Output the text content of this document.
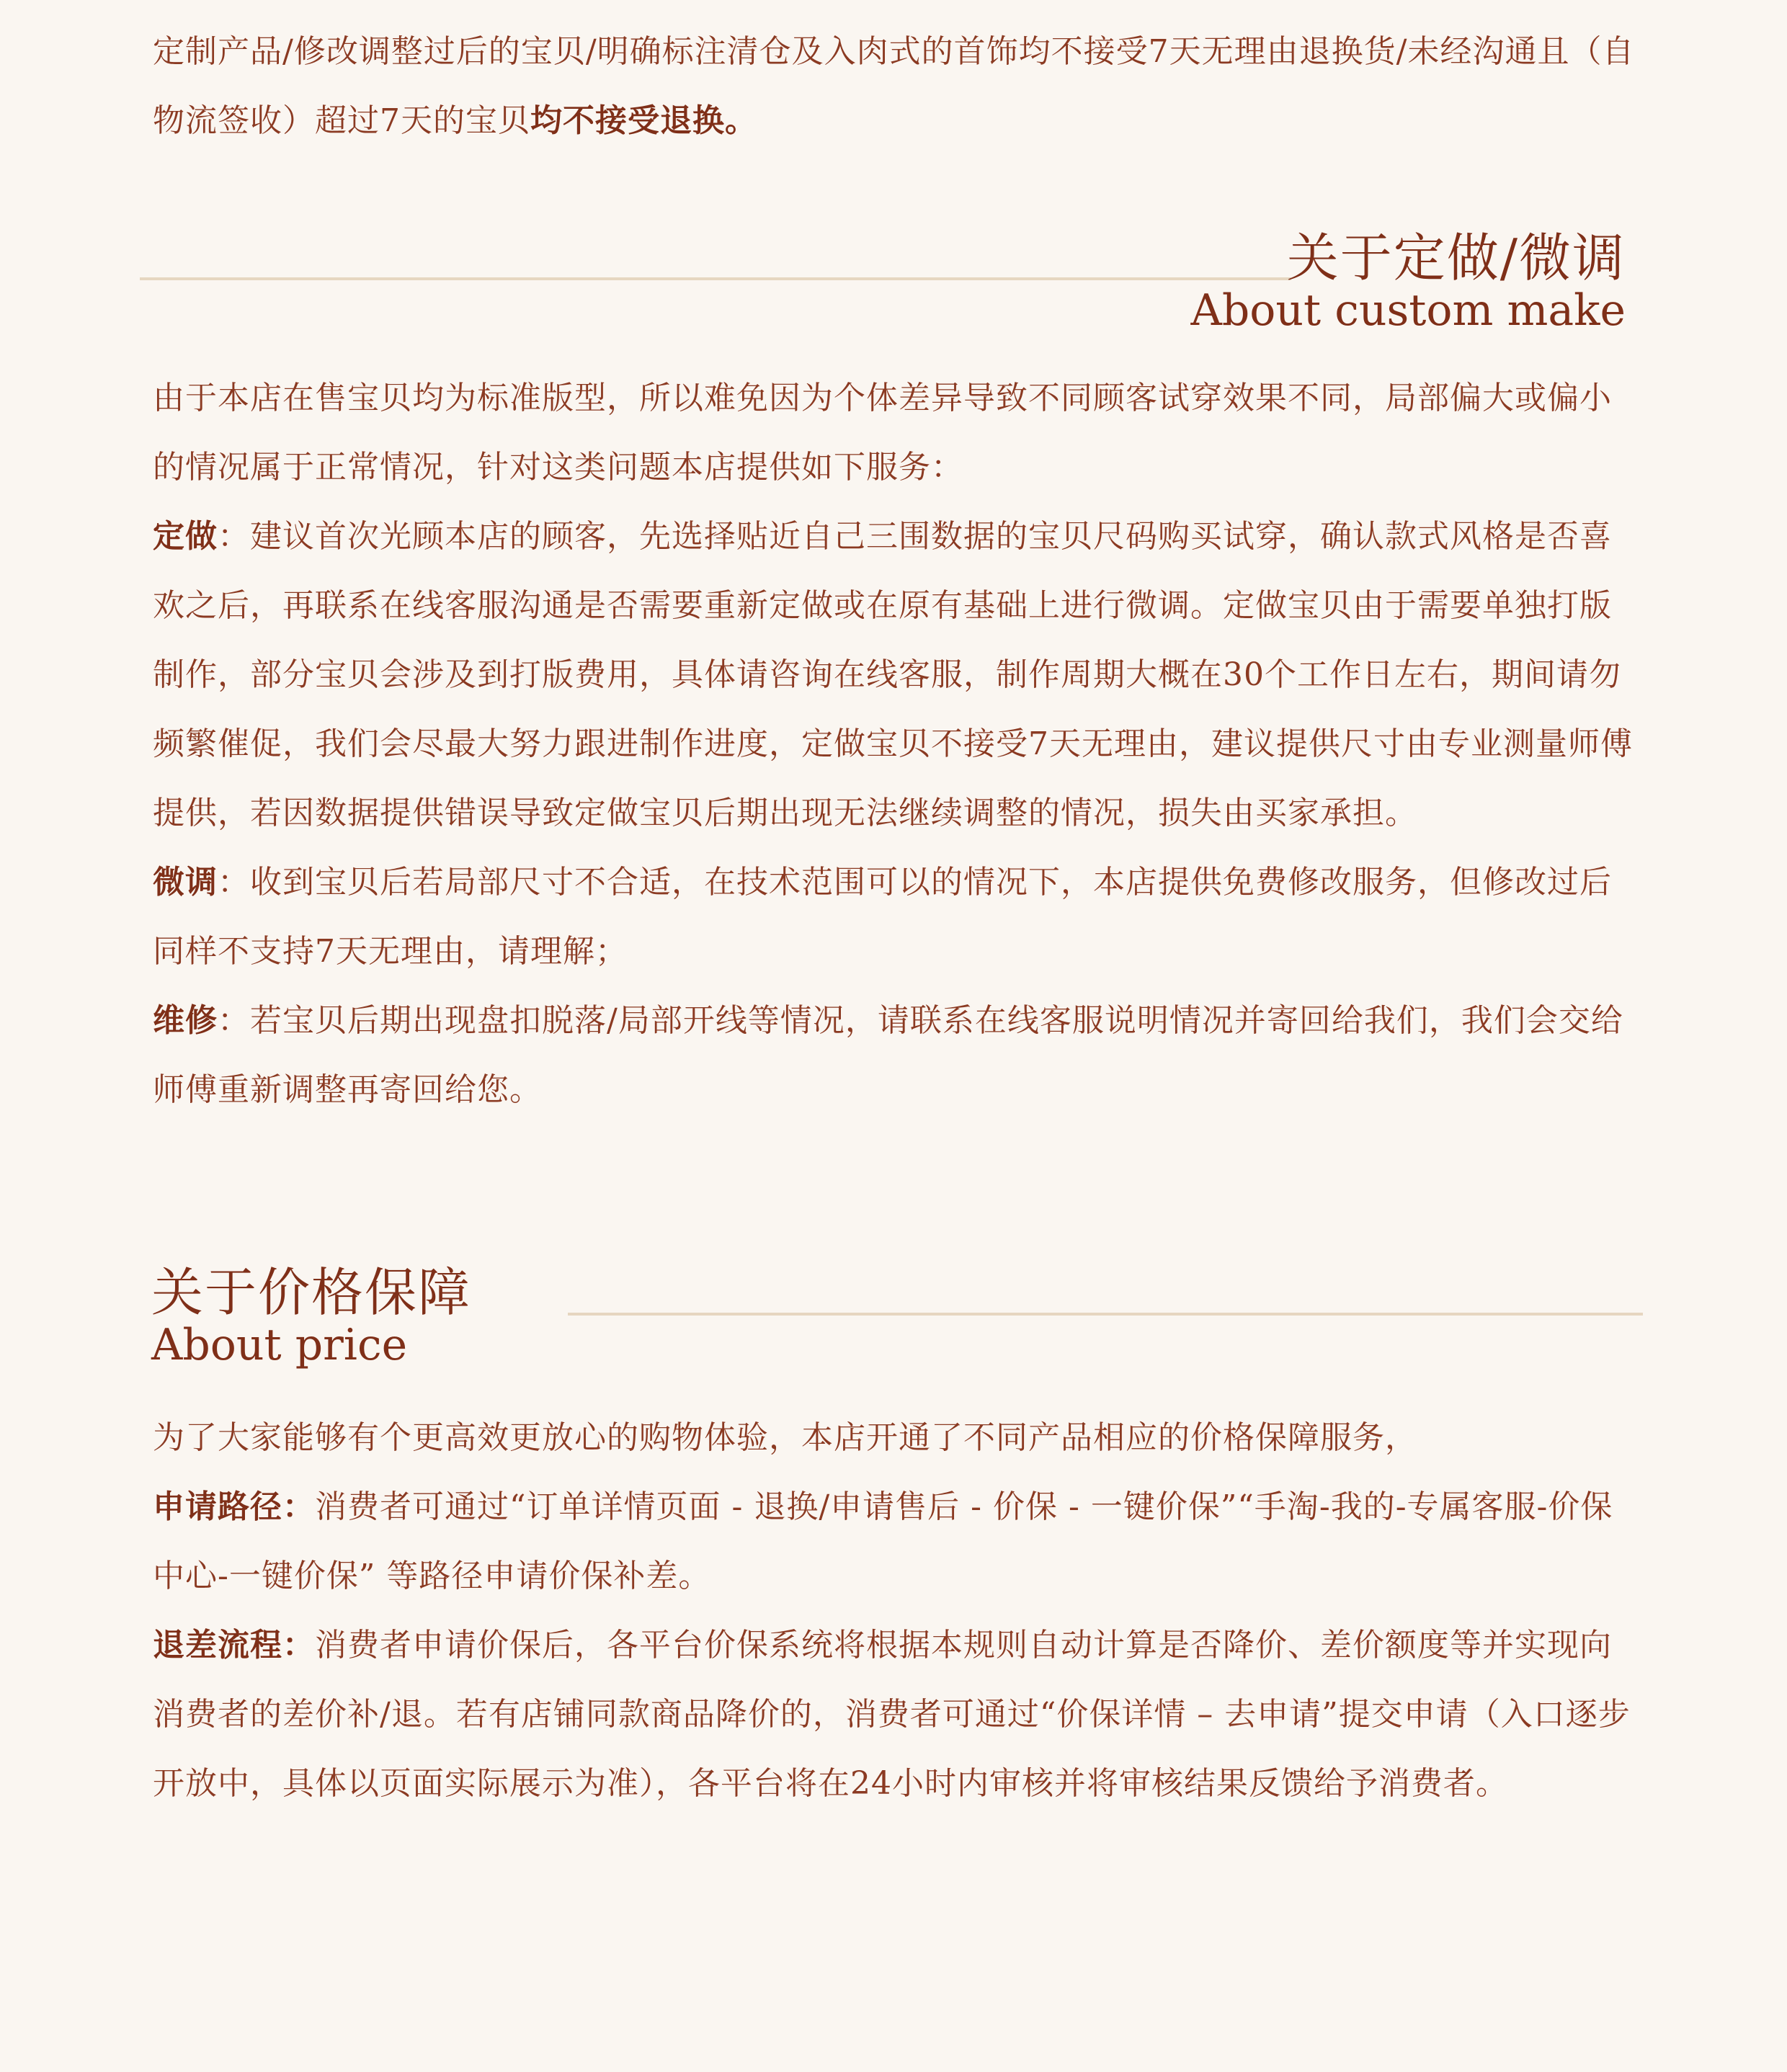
定制产品/修改调整过后的宝贝/明确标注清仓及入肉式的首饰均不接受7天无理由退换货/未经沟通且（自物流签收）超过7天的宝贝均不接受退换。

关于定做/微调
About custom make
由于本店在售宝贝均为标准版型，所以难免因为个体差异导致不同顾客试穿效果不同，局部偏大或偏小的情况属于正常情况，针对这类问题本店提供如下服务：
定做：建议首次光顾本店的顾客，先选择贴近自己三围数据的宝贝尺码购买试穿，确认款式风格是否喜欢之后，再联系在线客服沟通是否需要重新定做或在原有基础上进行微调。定做宝贝由于需要单独打版制作，部分宝贝会涉及到打版费用，具体请咨询在线客服，制作周期大概在30个工作日左右，期间请勿频繁催促，我们会尽最大努力跟进制作进度，定做宝贝不接受7天无理由，建议提供尺寸由专业测量师傅提供，若因数据提供错误导致定做宝贝后期出现无法继续调整的情况，损失由买家承担。
微调：收到宝贝后若局部尺寸不合适，在技术范围可以的情况下，本店提供免费修改服务，但修改过后同样不支持7天无理由，请理解；
维修：若宝贝后期出现盘扣脱落/局部开线等情况，请联系在线客服说明情况并寄回给我们，我们会交给师傅重新调整再寄回给您。
关于价格保障
About price
为了大家能够有个更高效更放心的购物体验，本店开通了不同产品相应的价格保障服务，
申请路径：消费者可通过“订单详情页面 - 退换/申请售后 - 价保 - 一键价保”“手淘-我的-专属客服-价保中心-一键价保” 等路径申请价保补差。
退差流程：消费者申请价保后，各平台价保系统将根据本规则自动计算是否降价、差价额度等并实现向消费者的差价补/退。若有店铺同款商品降价的，消费者可通过“价保详情 – 去申请”提交申请（入口逐步开放中，具体以页面实际展示为准），各平台将在24小时内审核并将审核结果反馈给予消费者。
